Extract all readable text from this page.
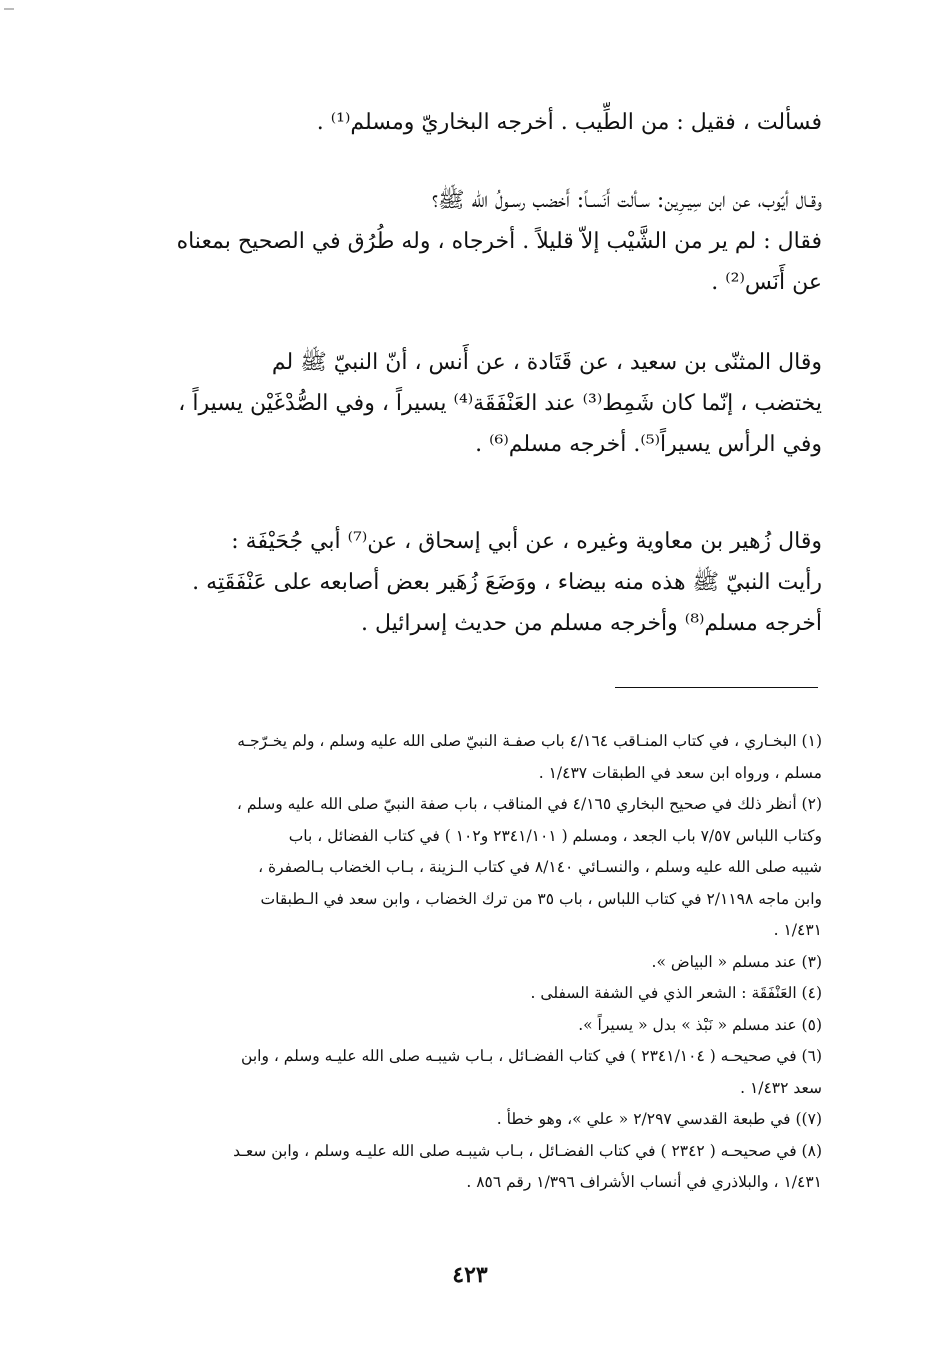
فسألت ، فقيل : من الطِّيب . أخرجه البخاريّ ومسلم⁽¹⁾ .

وقـال أيّوب، عن ابن سِيـرِين: سـألت أَنَسـاً: أَخضب رسـولُ الله ﷺ؟
فقال : لم ير من الشَّيْب إلاّ قليلاً . أخرجاه ، وله طُرُق في الصحيح بمعناه
عن أَنَس⁽²⁾ .

وقال المثنّى بن سعيد ، عن قَتَادة ، عن أَنس ، أنّ النبيّ ﷺ لم
يختضب ، إنّما كان شَمِط⁽³⁾ عند العَنْفَقَة⁽⁴⁾ يسيراً ، وفي الصُّدْغَيْن يسيراً ،
وفي الرأس يسيراً⁽⁵⁾. أخرجه مسلم⁽⁶⁾ .

وقال زُهير بن معاوية وغيره ، عن أبي إسحاق ، عن⁽⁷⁾ أبي جُحَيْفَة :
رأيت النبيّ ﷺ هذه منه بيضاء ، ووَضَعَ زُهَير بعض أصابعه على عَنْفَقَتِه .
أخرجه مسلم⁽⁸⁾ وأخرجه مسلم من حديث إسرائيل .

(١) البخـاري ، في كتاب المنـاقب ٤/١٦٤ باب صفـة النبيّ صلى الله عليه وسلم ، ولم يخـرّجـه
مسلم ، ورواه ابن سعد في الطبقات ١/٤٣٧ .

(٢) أنظر ذلك في صحيح البخاري ٤/١٦٥ في المناقب ، باب صفة النبيّ صلى الله عليه وسلم ،
وكتاب اللباس ٧/٥٧ باب الجعد ، ومسلم ( ٢٣٤١/١٠١ و١٠٢ ) في كتاب الفضائل ، باب
شيبه صلى الله عليه وسلم ، والنسـائي ٨/١٤٠ في كتاب الـزينة ، بـاب الخضاب بـالصفرة ،
وابن ماجه ٢/١١٩٨ في كتاب اللباس ، باب ٣٥ من ترك الخضاب ، وابن سعد في الـطبقات
١/٤٣١ .

(٣) عند مسلم « البياض ».

(٤) العَنْفَقَة : الشعر الذي في الشفة السفلى .

(٥) عند مسلم « نَبْذ » بدل « يسيراً ».

(٦) في صحيحـه ( ٢٣٤١/١٠٤ ) في كتاب الفضـائل ، بـاب شيبـه صلى الله عليـه وسلم ، وابن
سعد ١/٤٣٢ .

(٧)) في طبعة القدسي ٢/٢٩٧ « علي »، وهو خطأ .

(٨) في صحيحـه ( ٢٣٤٢ ) في كتاب الفضـائل ، بـاب شيبـه صلى الله عليـه وسلم ، وابن سعـد
١/٤٣١ ، والبلاذري في أنساب الأشراف ١/٣٩٦ رقم ٨٥٦ .

٤٢٣
